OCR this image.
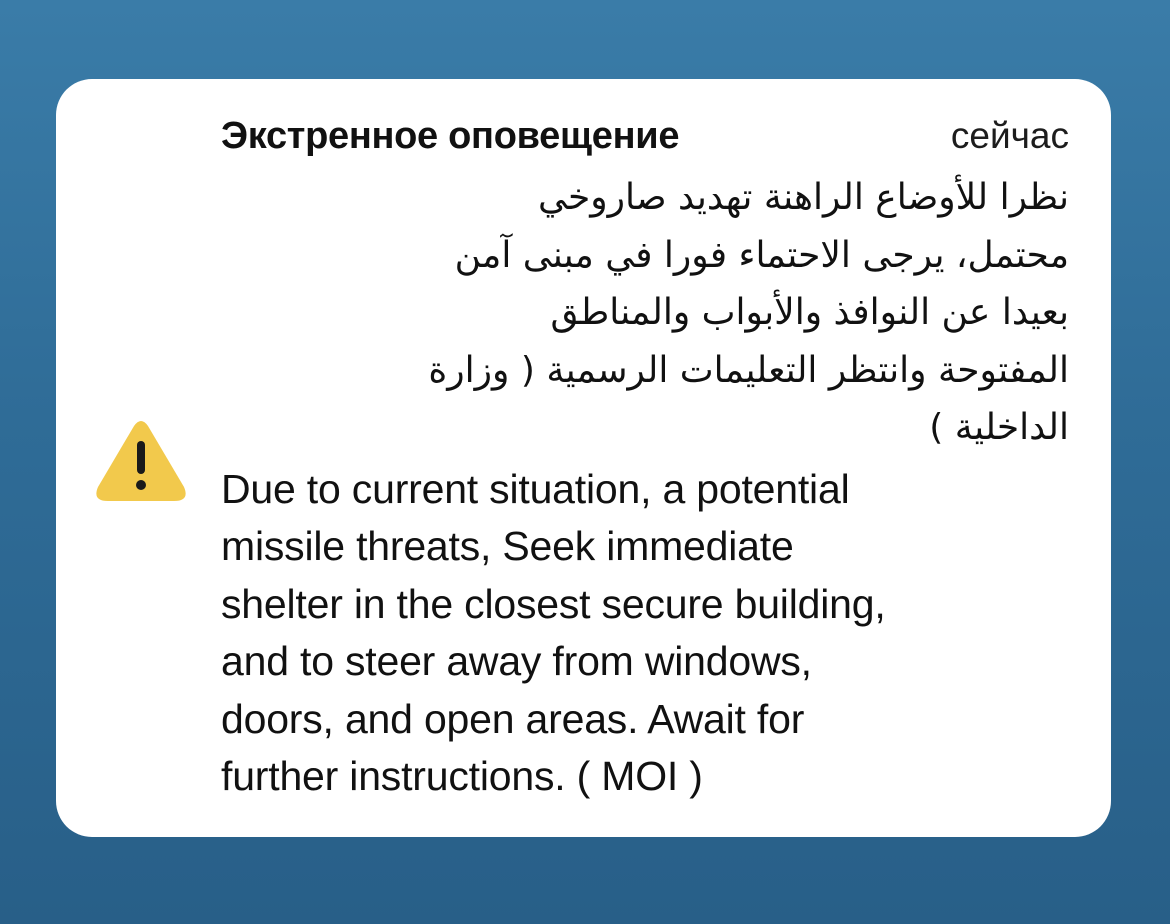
Экстренное оповещение	сейчас
نظرا للأوضاع الراهنة تهديد صاروخي
محتمل، يرجى الاحتماء فورا في مبنى آمن
بعيدا عن النوافذ والأبواب والمناطق
المفتوحة وانتظر التعليمات الرسمية ( وزارة
الداخلية )
Due to current situation, a potential
missile threats, Seek immediate
shelter in the closest secure building,
and to steer away from windows,
doors, and open areas. Await for
further instructions. ( MOI )
